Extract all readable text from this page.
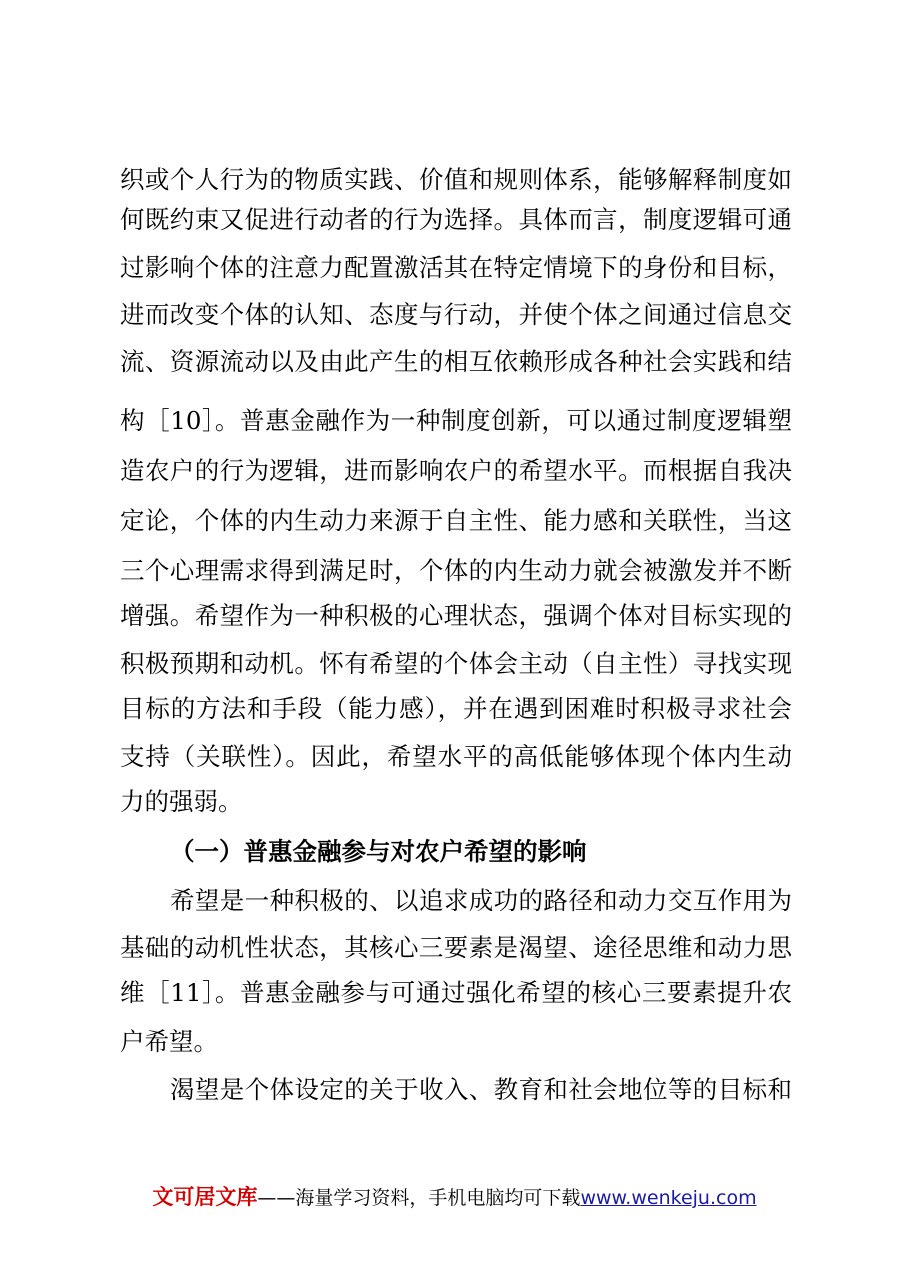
织或个人行为的物质实践、价值和规则体系，能够解释制度如
何既约束又促进行动者的行为选择。具体而言，制度逻辑可通
过影响个体的注意力配置激活其在特定情境下的身份和目标，
进而改变个体的认知、态度与行动，并使个体之间通过信息交
流、资源流动以及由此产生的相互依赖形成各种社会实践和结
构［10］。普惠金融作为一种制度创新，可以通过制度逻辑塑
造农户的行为逻辑，进而影响农户的希望水平。而根据自我决
定论，个体的内生动力来源于自主性、能力感和关联性，当这
三个心理需求得到满足时，个体的内生动力就会被激发并不断
增强。希望作为一种积极的心理状态，强调个体对目标实现的
积极预期和动机。怀有希望的个体会主动（自主性）寻找实现
目标的方法和手段（能力感），并在遇到困难时积极寻求社会
支持（关联性）。因此，希望水平的高低能够体现个体内生动
力的强弱。
（一）普惠金融参与对农户希望的影响
希望是一种积极的、以追求成功的路径和动力交互作用为
基础的动机性状态，其核心三要素是渴望、途径思维和动力思
维［11］。普惠金融参与可通过强化希望的核心三要素提升农
户希望。
渴望是个体设定的关于收入、教育和社会地位等的目标和
文可居文库——海量学习资料，手机电脑均可下载www.wenkeju.com
